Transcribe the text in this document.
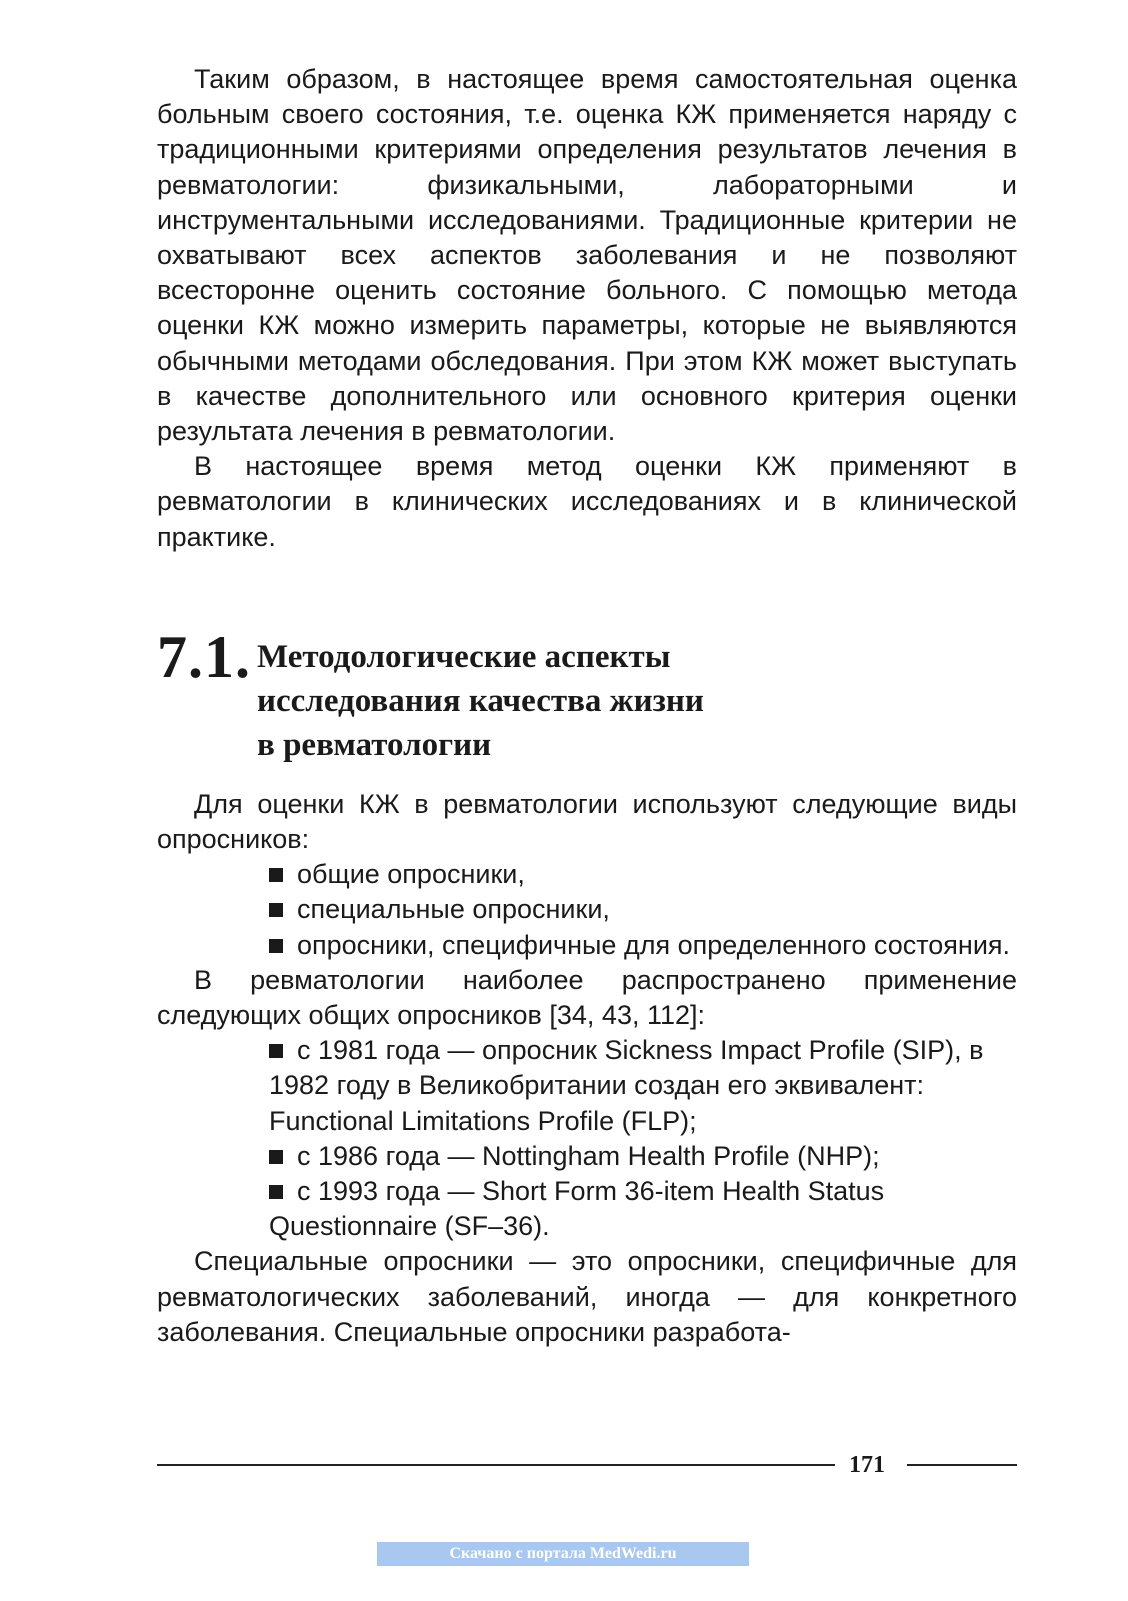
Таким образом, в настоящее время самостоятельная оценка больным своего состояния, т.е. оценка КЖ применяется наряду с традиционными критериями определения результатов лечения в ревматологии: физикальными, лабораторными и инструментальными исследованиями. Традиционные критерии не охватывают всех аспектов заболевания и не позволяют всесторонне оценить состояние больного. С помощью метода оценки КЖ можно измерить параметры, которые не выявляются обычными методами обследования. При этом КЖ может выступать в качестве дополнительного или основного критерия оценки результата лечения в ревматологии.

В настоящее время метод оценки КЖ применяют в ревматологии в клинических исследованиях и в клинической практике.

7.1. Методологические аспекты
исследования качества жизни
в ревматологии

Для оценки КЖ в ревматологии используют следующие виды опросников:

общие опросники,
специальные опросники,
опросники, специфичные для определенного состояния.

В ревматологии наиболее распространено применение следующих общих опросников [34, 43, 112]:

с 1981 года — опросник Sickness Impact Profile (SIP), в 1982 году в Великобритании создан его эквивалент: Functional Limitations Profile (FLP);
с 1986 года — Nottingham Health Profile (NHP);
с 1993 года — Short Form 36-item Health Status Questionnaire (SF–36).

Специальные опросники — это опросники, специфичные для ревматологических заболеваний, иногда — для конкретного заболевания. Специальные опросники разработа-

171
Скачано с портала MedWedi.ru
